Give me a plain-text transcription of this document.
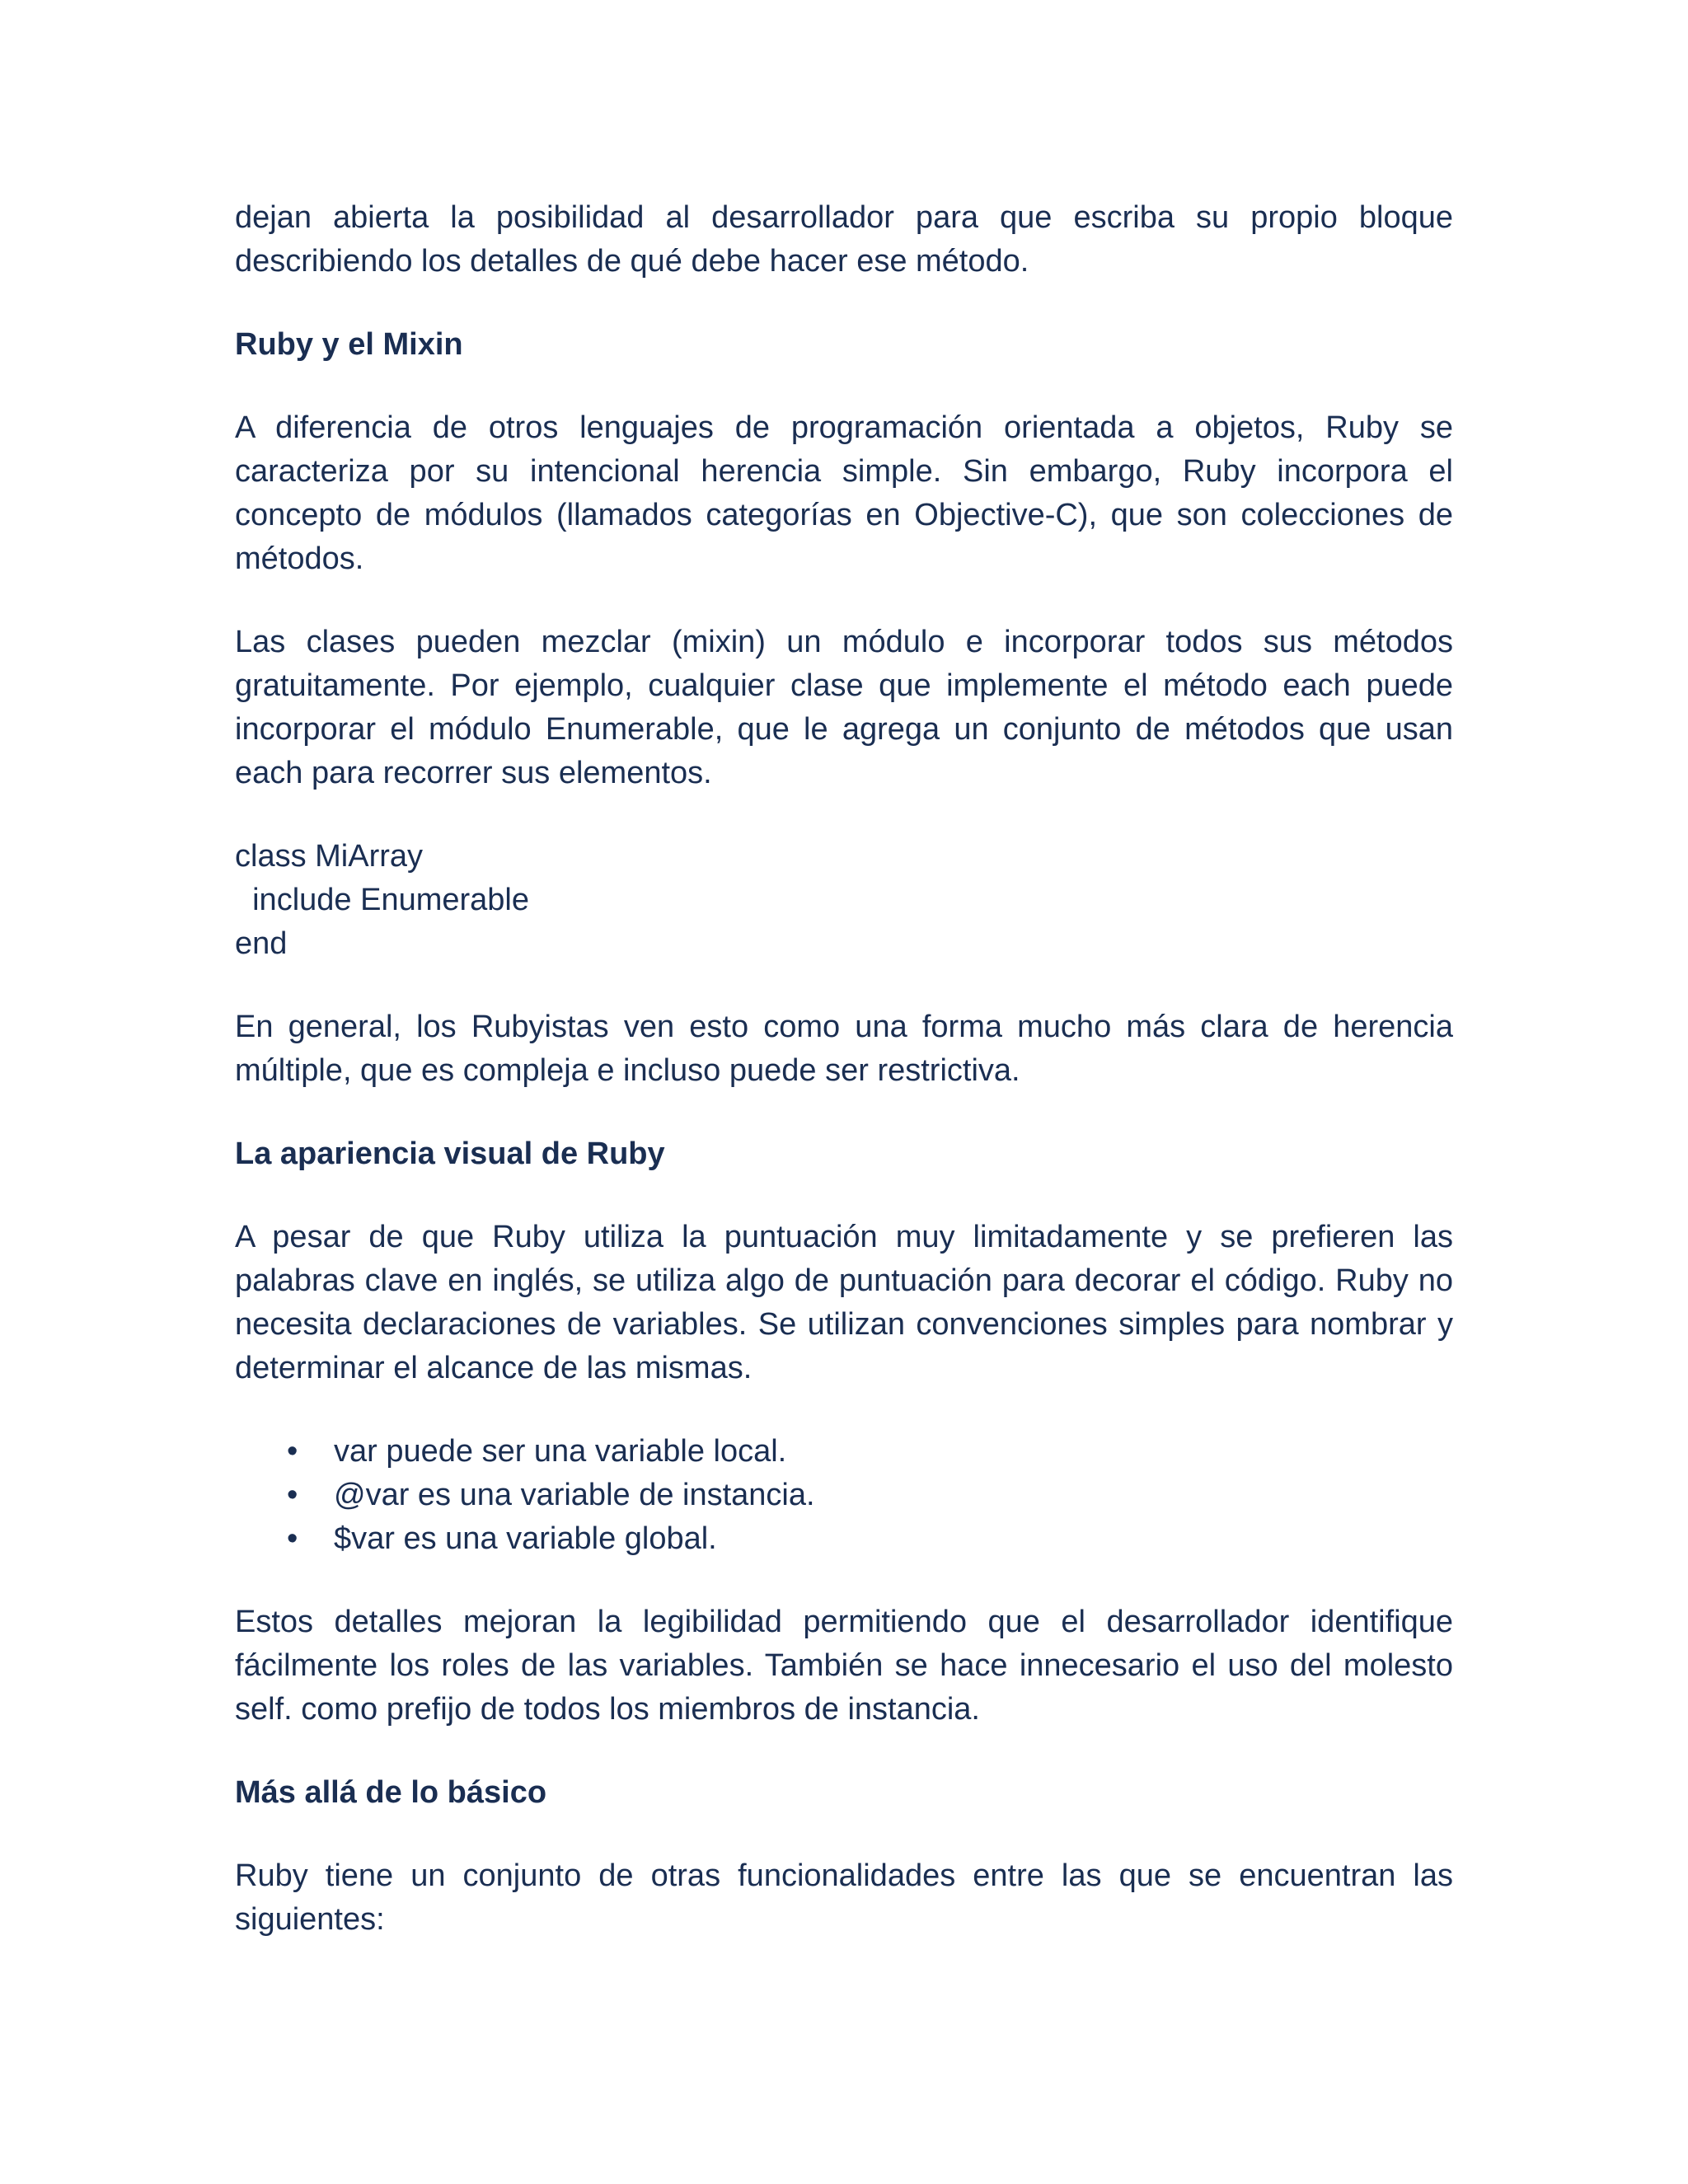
dejan abierta la posibilidad al desarrollador para que escriba su propio bloque describiendo los detalles de qué debe hacer ese método.

Ruby y el Mixin

A diferencia de otros lenguajes de programación orientada a objetos, Ruby se caracteriza por su intencional herencia simple. Sin embargo, Ruby incorpora el concepto de módulos (llamados categorías en Objective-C), que son colecciones de métodos.

Las clases pueden mezclar (mixin) un módulo e incorporar todos sus métodos gratuitamente. Por ejemplo, cualquier clase que implemente el método each puede incorporar el módulo Enumerable, que le agrega un conjunto de métodos que usan each para recorrer sus elementos.

class MiArray
include Enumerable
end

En general, los Rubyistas ven esto como una forma mucho más clara de herencia múltiple, que es compleja e incluso puede ser restrictiva.

La apariencia visual de Ruby

A pesar de que Ruby utiliza la puntuación muy limitadamente y se prefieren las palabras clave en inglés, se utiliza algo de puntuación para decorar el código. Ruby no necesita declaraciones de variables. Se utilizan convenciones simples para nombrar y determinar el alcance de las mismas.

• var puede ser una variable local.
• @var es una variable de instancia.
• $var es una variable global.

Estos detalles mejoran la legibilidad permitiendo que el desarrollador identifique fácilmente los roles de las variables. También se hace innecesario el uso del molesto self. como prefijo de todos los miembros de instancia.

Más allá de lo básico

Ruby tiene un conjunto de otras funcionalidades entre las que se encuentran las siguientes:
